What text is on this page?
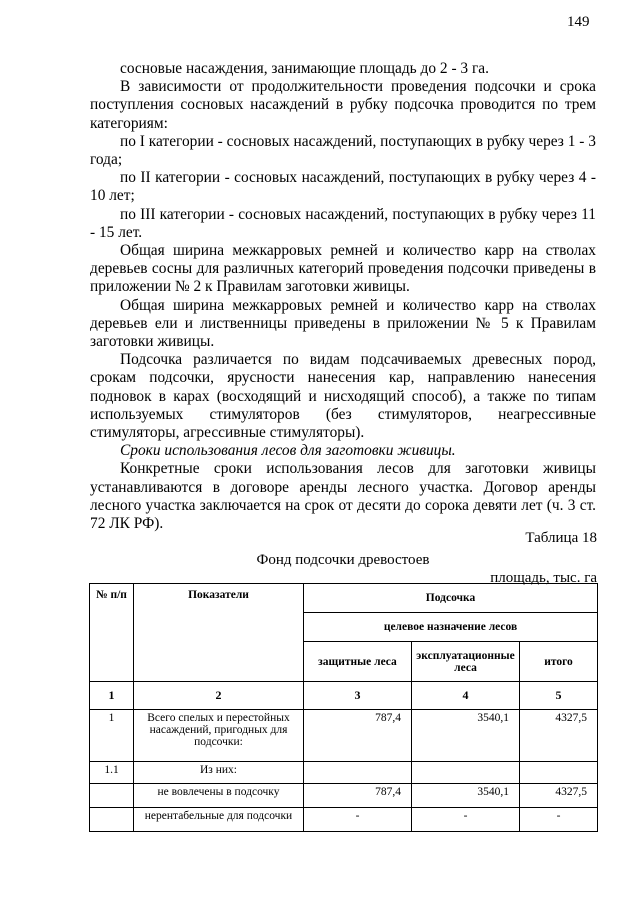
149

сосновые насаждения, занимающие площадь до 2 - 3 га.

В зависимости от продолжительности проведения подсочки и срока поступления сосновых насаждений в рубку подсочка проводится по трем категориям:

по I категории - сосновых насаждений, поступающих в рубку через 1 - 3 года;

по II категории - сосновых насаждений, поступающих в рубку через 4 - 10 лет;

по III категории - сосновых насаждений, поступающих в рубку через 11 - 15 лет.

Общая ширина межкарровых ремней и количество карр на стволах деревьев сосны для различных категорий проведения подсочки приведены в приложении № 2 к Правилам заготовки живицы.

Общая ширина межкарровых ремней и количество карр на стволах деревьев ели и лиственницы приведены в приложении № 5 к Правилам заготовки живицы.

Подсочка различается по видам подсачиваемых древесных пород, срокам подсочки, ярусности нанесения кар, направлению нанесения подновок в карах (восходящий и нисходящий способ), а также по типам используемых стимуляторов (без стимуляторов, неагрессивные стимуляторы, агрессивные стимуляторы).

Сроки использования лесов для заготовки живицы.

Конкретные сроки использования лесов для заготовки живицы устанавливаются в договоре аренды лесного участка. Договор аренды лесного участка заключается на срок от десяти до сорока девяти лет (ч. 3 ст. 72 ЛК РФ).

Таблица 18
Фонд подсочки древостоев
площадь, тыс. га
№ п/п	Показатели	Подсочка		
		целевое назначение лесов		
		защитные леса	эксплуатационные леса	итого
1	2	3	4	5
1	Всего спелых и перестойных насаждений, пригодных для подсочки:	787,4	3540,1	4327,5
1.1	Из них:			
	не вовлечены в подсочку	787,4	3540,1	4327,5
	нерентабельные для подсочки	-	-	-
